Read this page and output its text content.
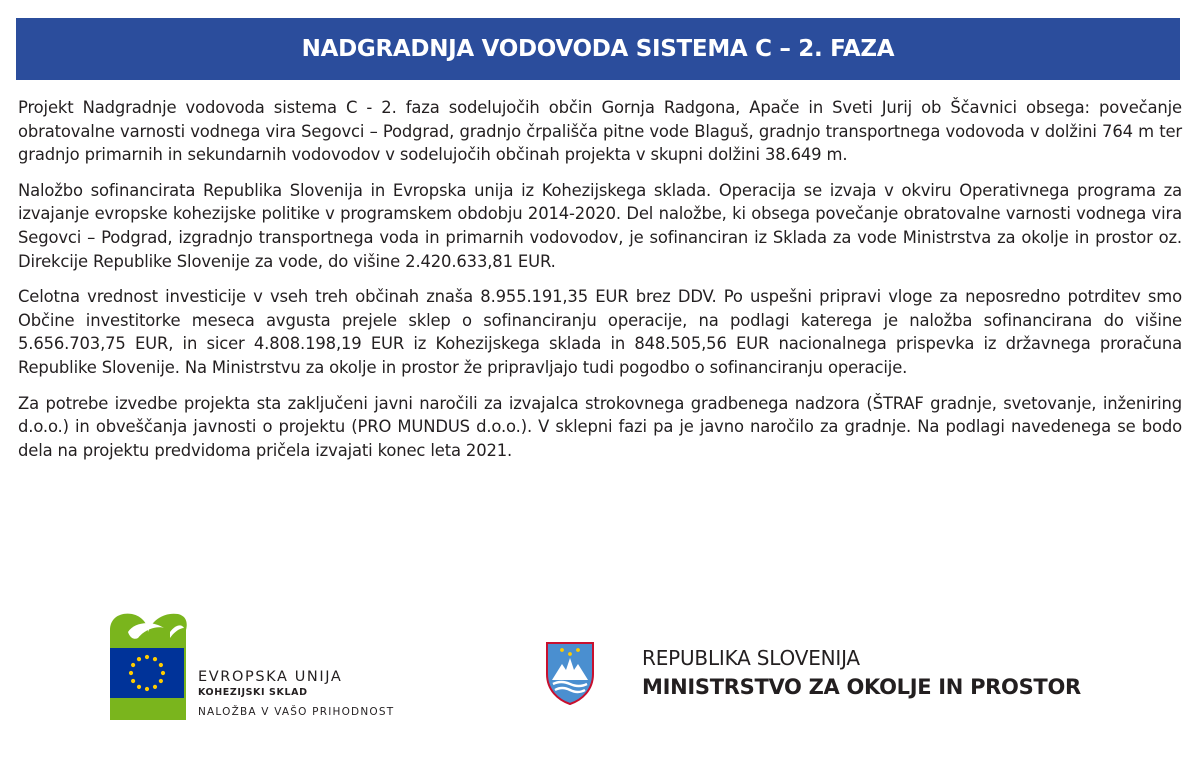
NADGRADNJA VODOVODA SISTEMA C – 2. FAZA

Projekt Nadgradnje vodovoda sistema C - 2. faza sodelujočih občin Gornja Radgona, Apače in Sveti Jurij ob Ščavnici obsega: povečanje obratovalne varnosti vodnega vira Segovci – Podgrad, gradnjo črpališča pitne vode Blaguš, gradnjo transportnega vodovoda v dolžini 764 m ter gradnjo primarnih in sekundarnih vodovodov v sodelujočih občinah projekta v skupni dolžini 38.649 m.

Naložbo sofinancirata Republika Slovenija in Evropska unija iz Kohezijskega sklada. Operacija se izvaja v okviru Operativnega programa za izvajanje evropske kohezijske politike v programskem obdobju 2014-2020. Del naložbe, ki obsega povečanje obratovalne varnosti vodnega vira Segovci – Podgrad, izgradnjo transportnega voda in primarnih vodovodov, je sofinanciran iz Sklada za vode Ministrstva za okolje in prostor oz. Direkcije Republike Slovenije za vode, do višine 2.420.633,81 EUR.

Celotna vrednost investicije v vseh treh občinah znaša 8.955.191,35 EUR brez DDV. Po uspešni pripravi vloge za neposredno potrditev smo Občine investitorke meseca avgusta prejele sklep o sofinanciranju operacije, na podlagi katerega je naložba sofinancirana do višine 5.656.703,75 EUR, in sicer 4.808.198,19 EUR iz Kohezijskega sklada in 848.505,56 EUR nacionalnega prispevka iz državnega proračuna Republike Slovenije. Na Ministrstvu za okolje in prostor že pripravljajo tudi pogodbo o sofinanciranju operacije.

Za potrebe izvedbe projekta sta zaključeni javni naročili za izvajalca strokovnega gradbenega nadzora (ŠTRAF gradnje, svetovanje, inženiring d.o.o.) in obveščanja javnosti o projektu (PRO MUNDUS d.o.o.). V sklepni fazi pa je javno naročilo za gradnje. Na podlagi navedenega se bodo dela na projektu predvidoma pričela izvajati konec leta 2021.

EVROPSKA UNIJA
KOHEZIJSKI SKLAD
NALOŽBA V VAŠO PRIHODNOST
REPUBLIKA SLOVENIJA
MINISTRSTVO ZA OKOLJE IN PROSTOR
